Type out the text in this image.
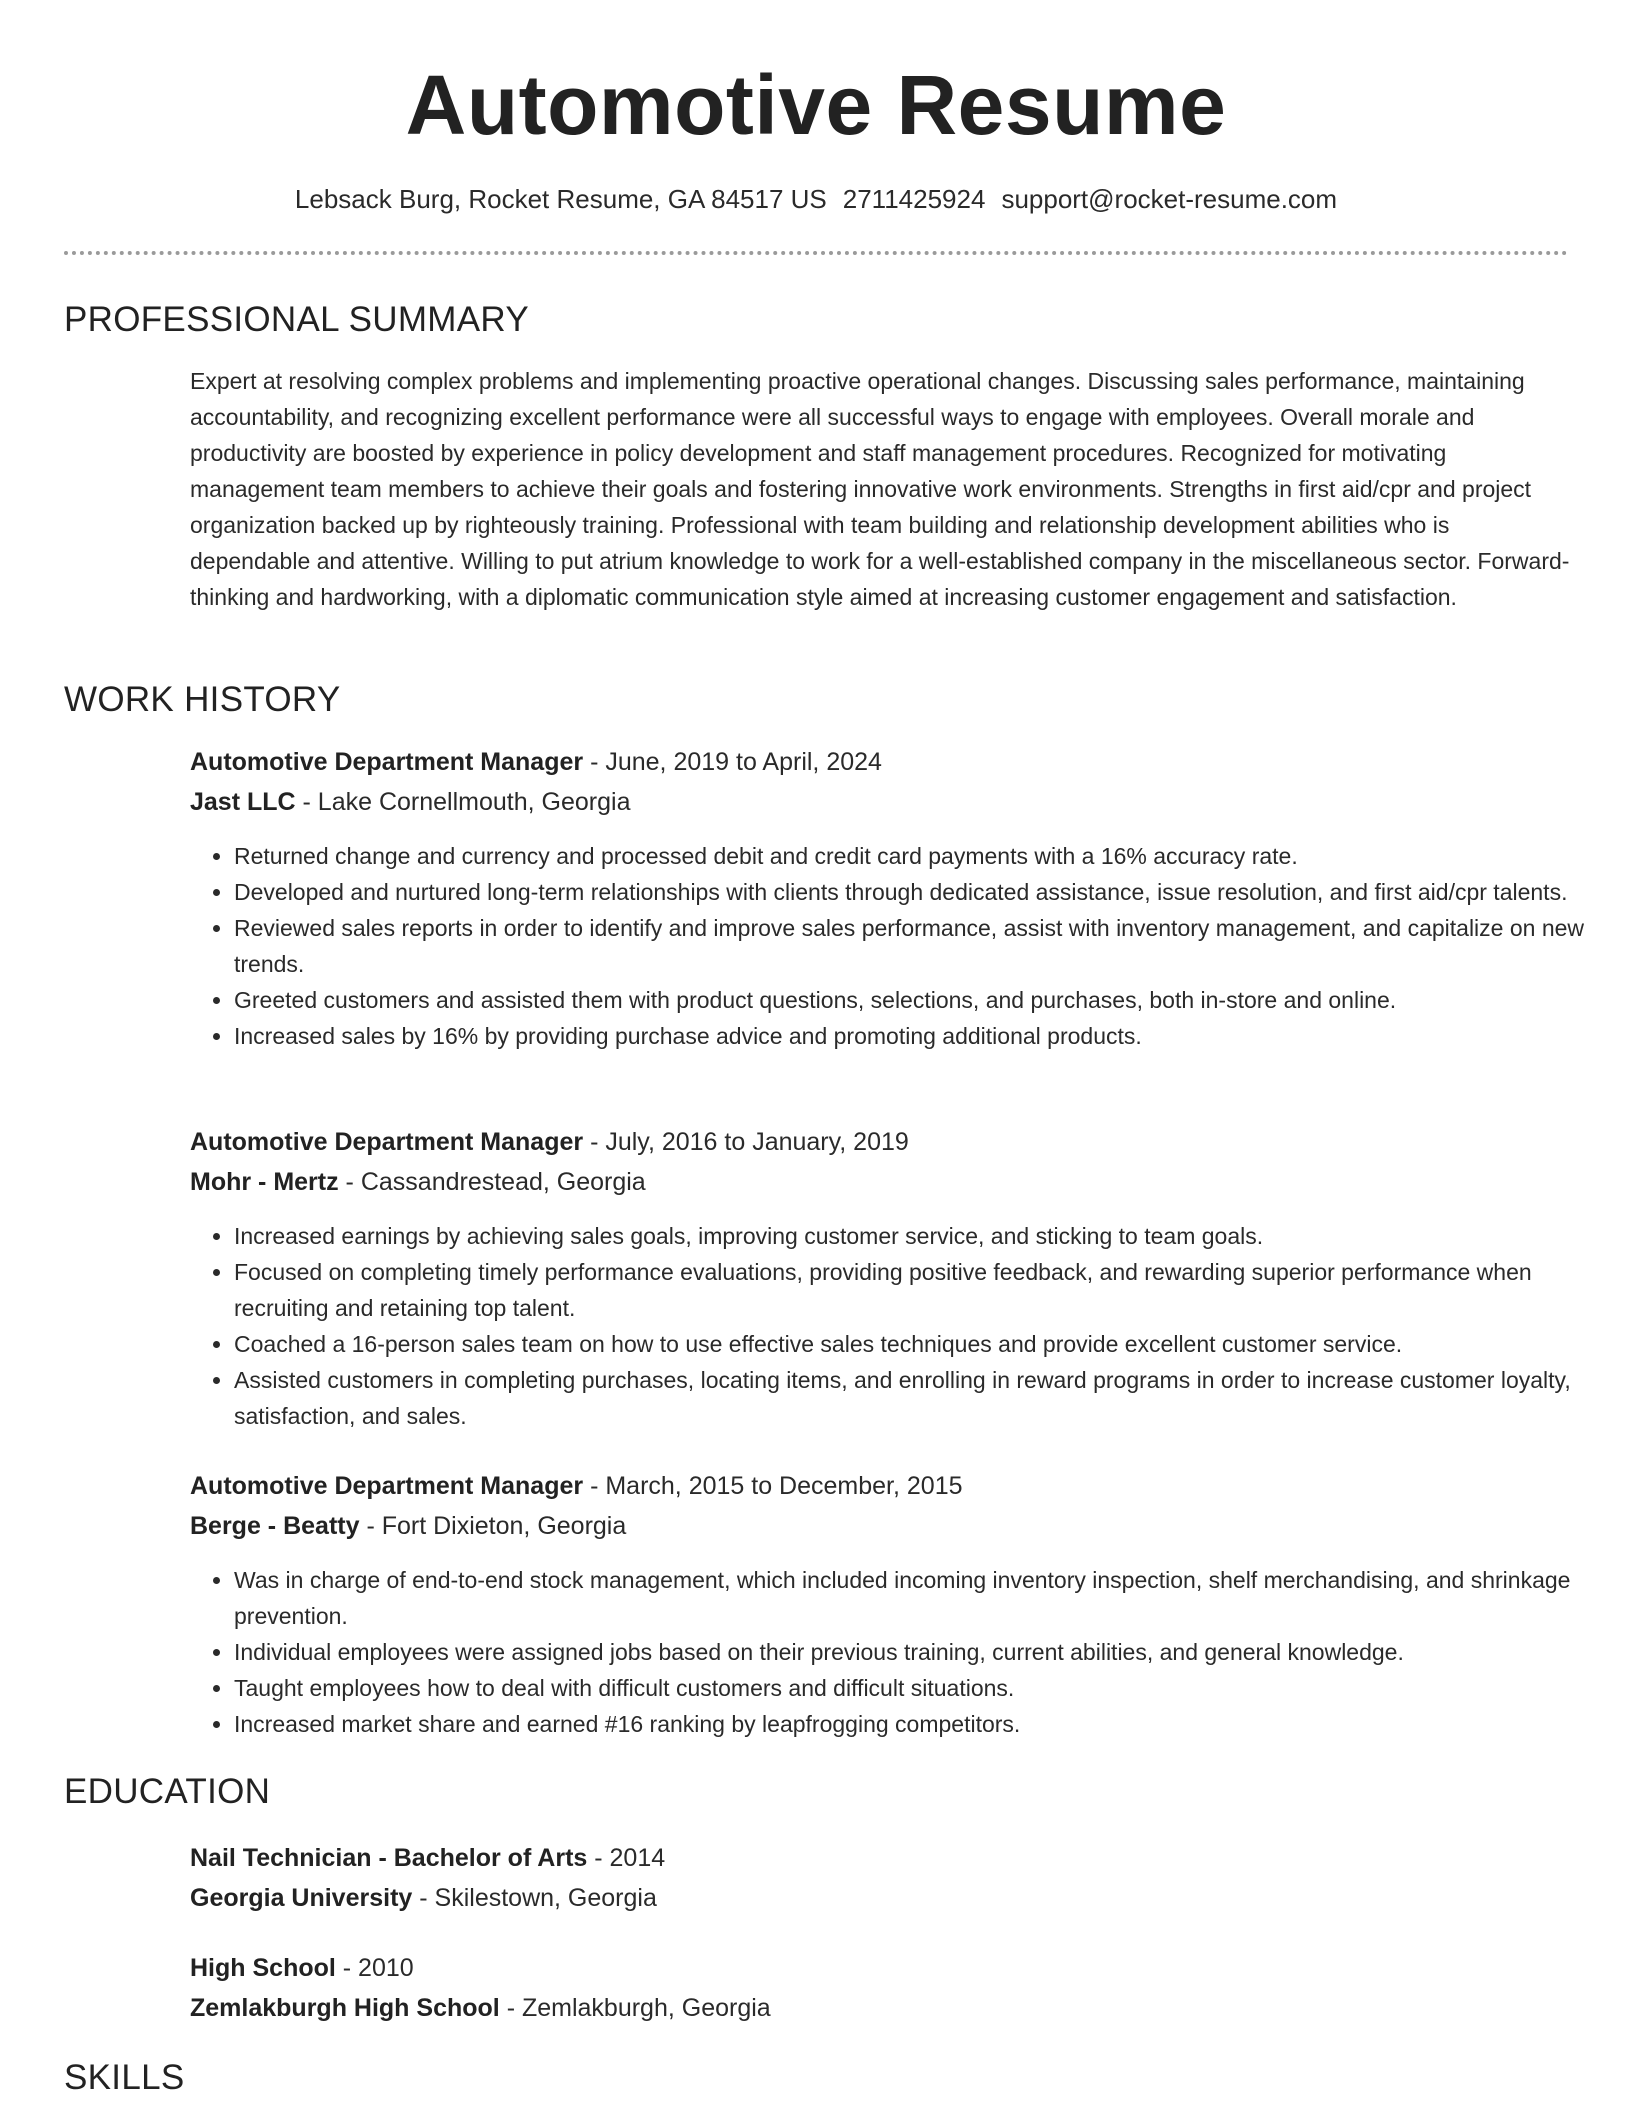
Automotive Resume
Lebsack Burg, Rocket Resume, GA 84517 US 2711425924 support@rocket-resume.com
PROFESSIONAL SUMMARY
Expert at resolving complex problems and implementing proactive operational changes. Discussing sales performance, maintaining accountability, and recognizing excellent performance were all successful ways to engage with employees. Overall morale and productivity are boosted by experience in policy development and staff management procedures. Recognized for motivating management team members to achieve their goals and fostering innovative work environments. Strengths in first aid/cpr and project organization backed up by righteously training. Professional with team building and relationship development abilities who is dependable and attentive. Willing to put atrium knowledge to work for a well-established company in the miscellaneous sector. Forward-thinking and hardworking, with a diplomatic communication style aimed at increasing customer engagement and satisfaction.
WORK HISTORY
Automotive Department Manager - June, 2019 to April, 2024
Jast LLC - Lake Cornellmouth, Georgia
• Returned change and currency and processed debit and credit card payments with a 16% accuracy rate.
• Developed and nurtured long-term relationships with clients through dedicated assistance, issue resolution, and first aid/cpr talents.
• Reviewed sales reports in order to identify and improve sales performance, assist with inventory management, and capitalize on new trends.
• Greeted customers and assisted them with product questions, selections, and purchases, both in-store and online.
• Increased sales by 16% by providing purchase advice and promoting additional products.
Automotive Department Manager - July, 2016 to January, 2019
Mohr - Mertz - Cassandrestead, Georgia
• Increased earnings by achieving sales goals, improving customer service, and sticking to team goals.
• Focused on completing timely performance evaluations, providing positive feedback, and rewarding superior performance when recruiting and retaining top talent.
• Coached a 16-person sales team on how to use effective sales techniques and provide excellent customer service.
• Assisted customers in completing purchases, locating items, and enrolling in reward programs in order to increase customer loyalty, satisfaction, and sales.
Automotive Department Manager - March, 2015 to December, 2015
Berge - Beatty - Fort Dixieton, Georgia
• Was in charge of end-to-end stock management, which included incoming inventory inspection, shelf merchandising, and shrinkage prevention.
• Individual employees were assigned jobs based on their previous training, current abilities, and general knowledge.
• Taught employees how to deal with difficult customers and difficult situations.
• Increased market share and earned #16 ranking by leapfrogging competitors.
EDUCATION
Nail Technician - Bachelor of Arts - 2014
Georgia University - Skilestown, Georgia
High School - 2010
Zemlakburgh High School - Zemlakburgh, Georgia
SKILLS
